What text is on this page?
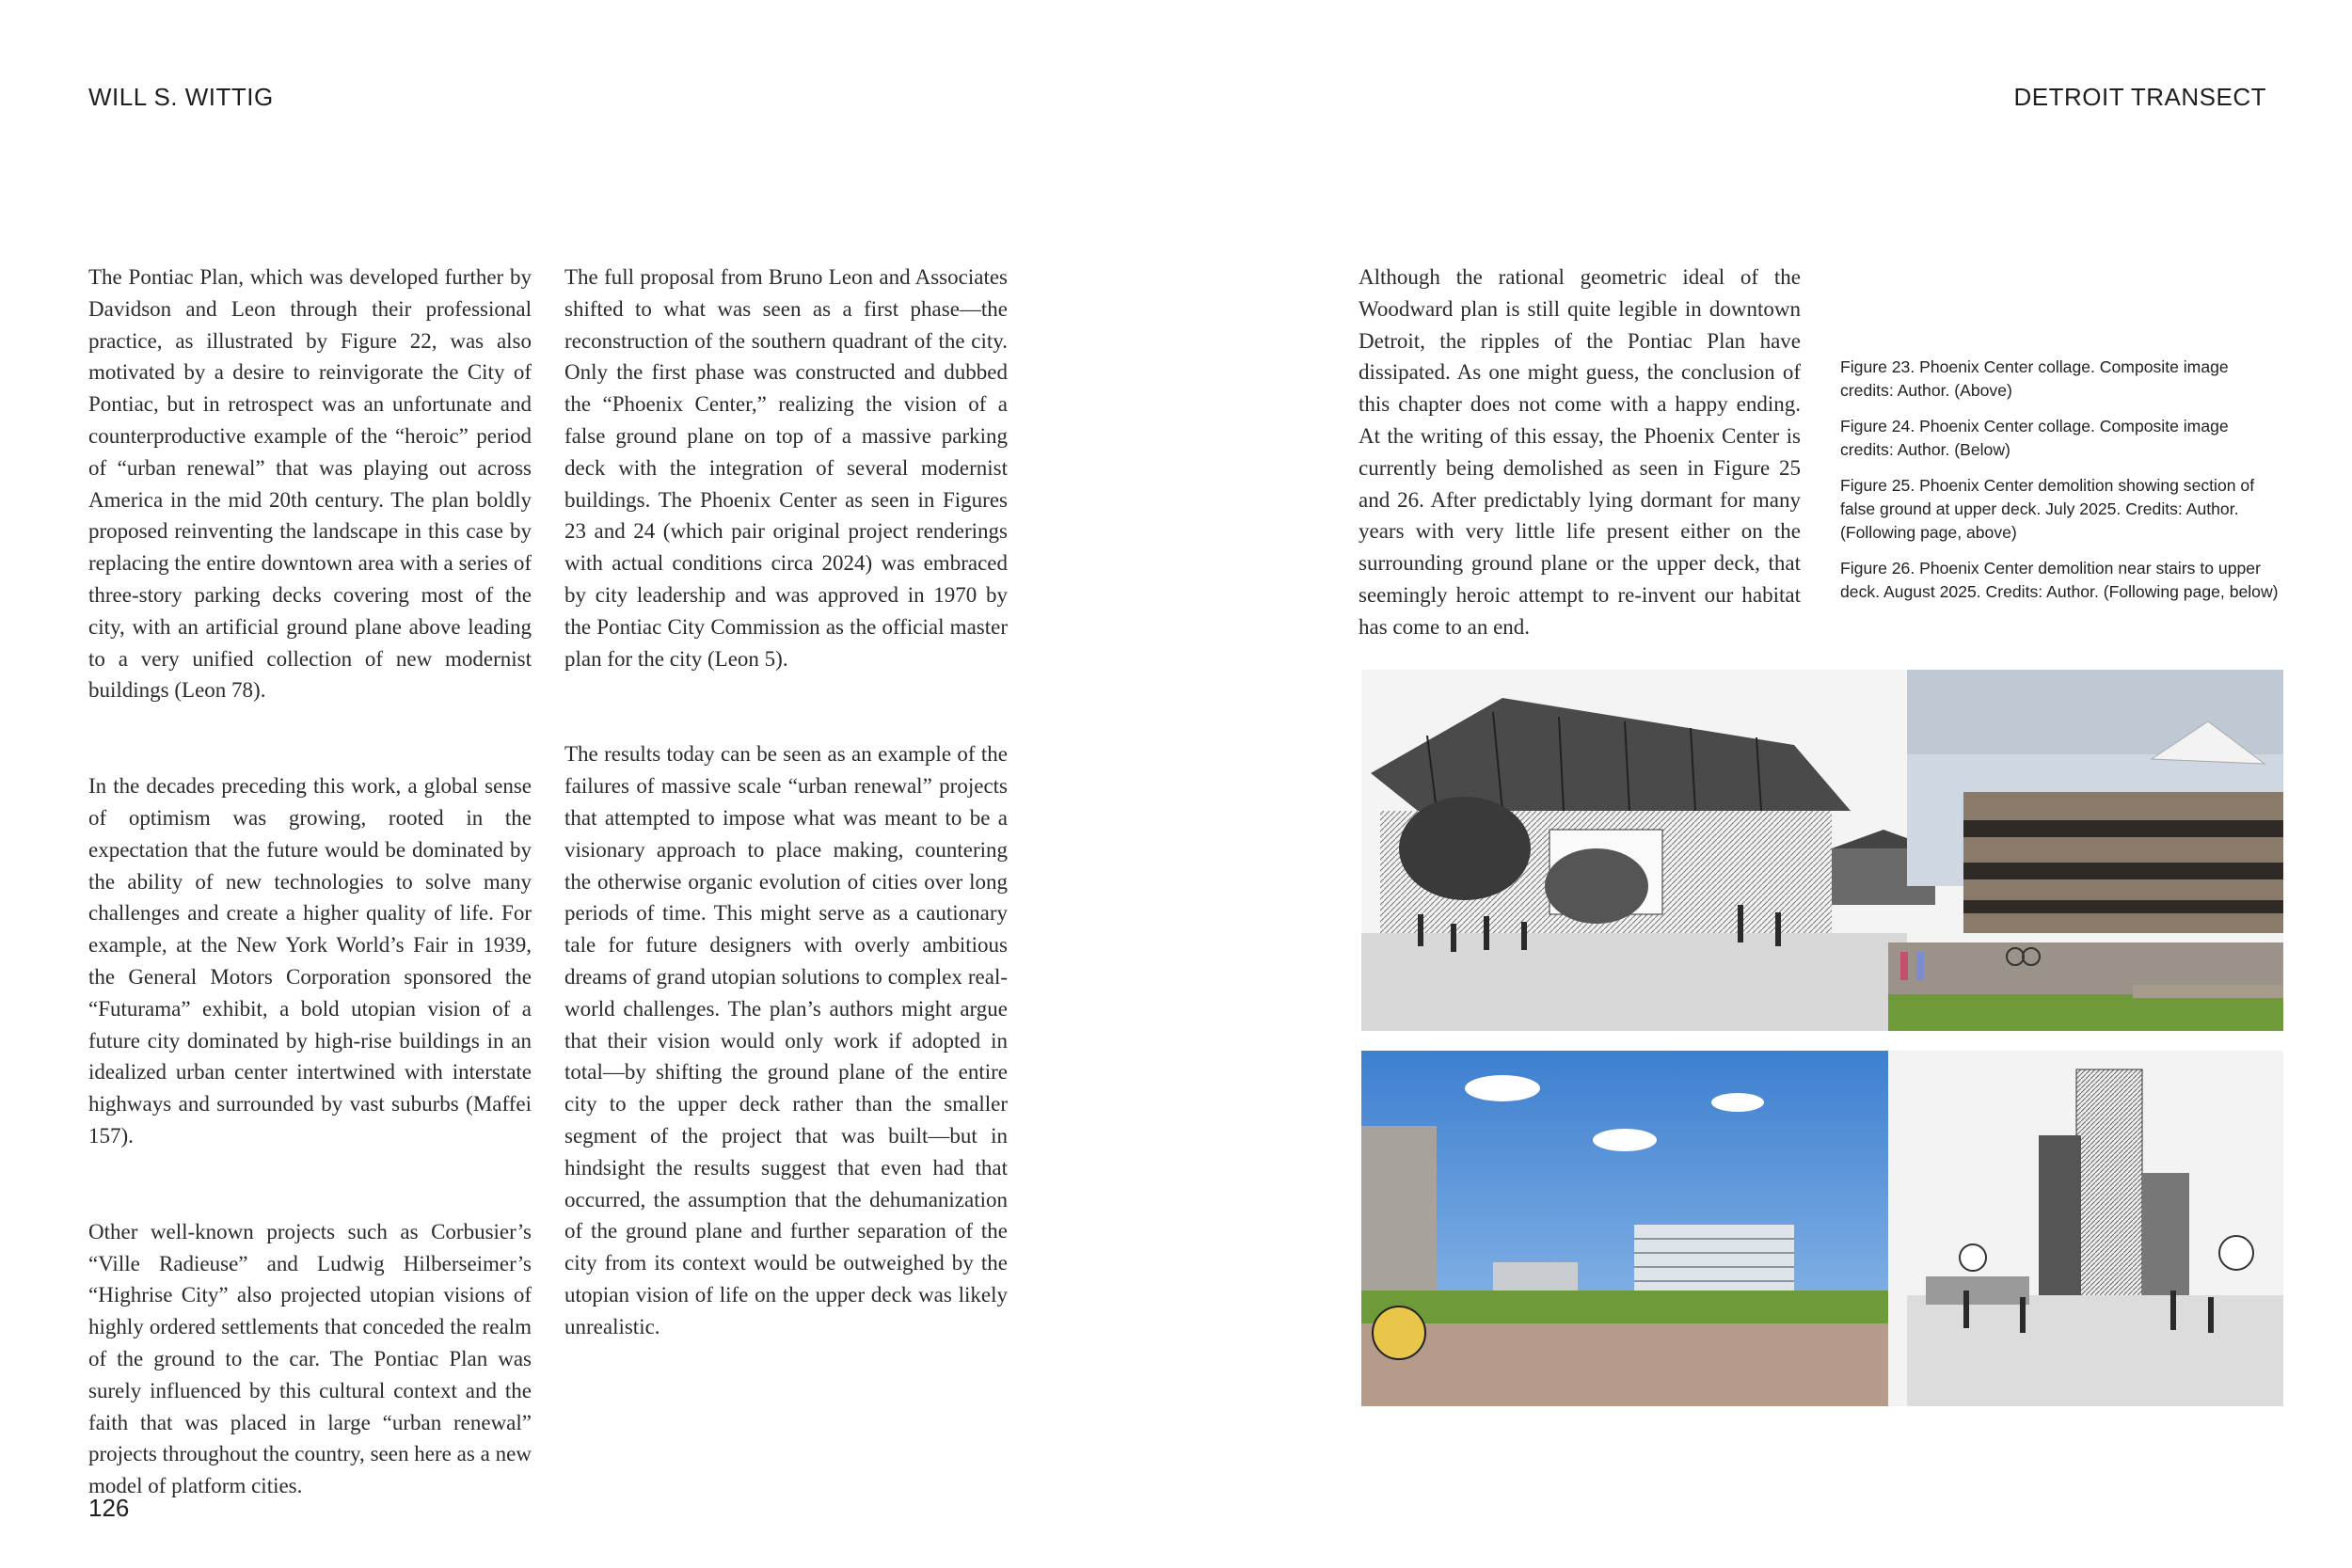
WILL S. WITTIG	DETROIT TRANSECT

The Pontiac Plan, which was developed further by Davidson and Leon through their professional practice, as illustrated by Figure 22, was also motivated by a desire to reinvigorate the City of Pontiac, but in retrospect was an unfortunate and counterproductive example of the “heroic” period of “urban renewal” that was playing out across America in the mid 20th century. The plan boldly proposed reinventing the landscape in this case by replacing the entire downtown area with a series of three-story parking decks covering most of the city, with an artificial ground plane above leading to a very unified collection of new modernist buildings (Leon 78).

In the decades preceding this work, a global sense of optimism was growing, rooted in the expectation that the future would be dominated by the ability of new technologies to solve many challenges and create a higher quality of life. For example, at the New York World’s Fair in 1939, the General Motors Corporation sponsored the “Futurama” exhibit, a bold utopian vision of a future city dominated by high-rise buildings in an idealized urban center intertwined with interstate highways and surrounded by vast suburbs (Maffei 157).

Other well-known projects such as Corbusier’s “Ville Radieuse” and Ludwig Hilberseimer’s “Highrise City” also projected utopian visions of highly ordered settlements that conceded the realm of the ground to the car. The Pontiac Plan was surely influenced by this cultural context and the faith that was placed in large “urban renewal” projects throughout the country, seen here as a new model of platform cities.

The full proposal from Bruno Leon and Associates shifted to what was seen as a first phase—the reconstruction of the southern quadrant of the city. Only the first phase was constructed and dubbed the “Phoenix Center,” realizing the vision of a false ground plane on top of a massive parking deck with the integration of several modernist buildings. The Phoenix Center as seen in Figures 23 and 24 (which pair original project renderings with actual conditions circa 2024) was embraced by city leadership and was approved in 1970 by the Pontiac City Commission as the official master plan for the city (Leon 5).

The results today can be seen as an example of the failures of massive scale “urban renewal” projects that attempted to impose what was meant to be a visionary approach to place making, countering the otherwise organic evolution of cities over long periods of time. This might serve as a cautionary tale for future designers with overly ambitious dreams of grand utopian solutions to complex real-world challenges. The plan’s authors might argue that their vision would only work if adopted in total—by shifting the ground plane of the entire city to the upper deck rather than the smaller segment of the project that was built—but in hindsight the results suggest that even had that occurred, the assumption that the dehumanization of the ground plane and further separation of the city from its context would be outweighed by the utopian vision of life on the upper deck was likely unrealistic.

Although the rational geometric ideal of the Woodward plan is still quite legible in downtown Detroit, the ripples of the Pontiac Plan have dissipated. As one might guess, the conclusion of this chapter does not come with a happy ending. At the writing of this essay, the Phoenix Center is currently being demolished as seen in Figure 25 and 26. After predictably lying dormant for many years with very little life present either on the surrounding ground plane or the upper deck, that seemingly heroic attempt to re-invent our habitat has come to an end.

Figure 23. Phoenix Center collage. Composite image credits: Author. (Above)

Figure 24. Phoenix Center collage. Composite image credits: Author. (Below)

Figure 25. Phoenix Center demolition showing section of false ground at upper deck. July 2025. Credits: Author. (Following page, above)

Figure 26. Phoenix Center demolition near stairs to upper deck. August 2025. Credits: Author. (Following page, below)

126
